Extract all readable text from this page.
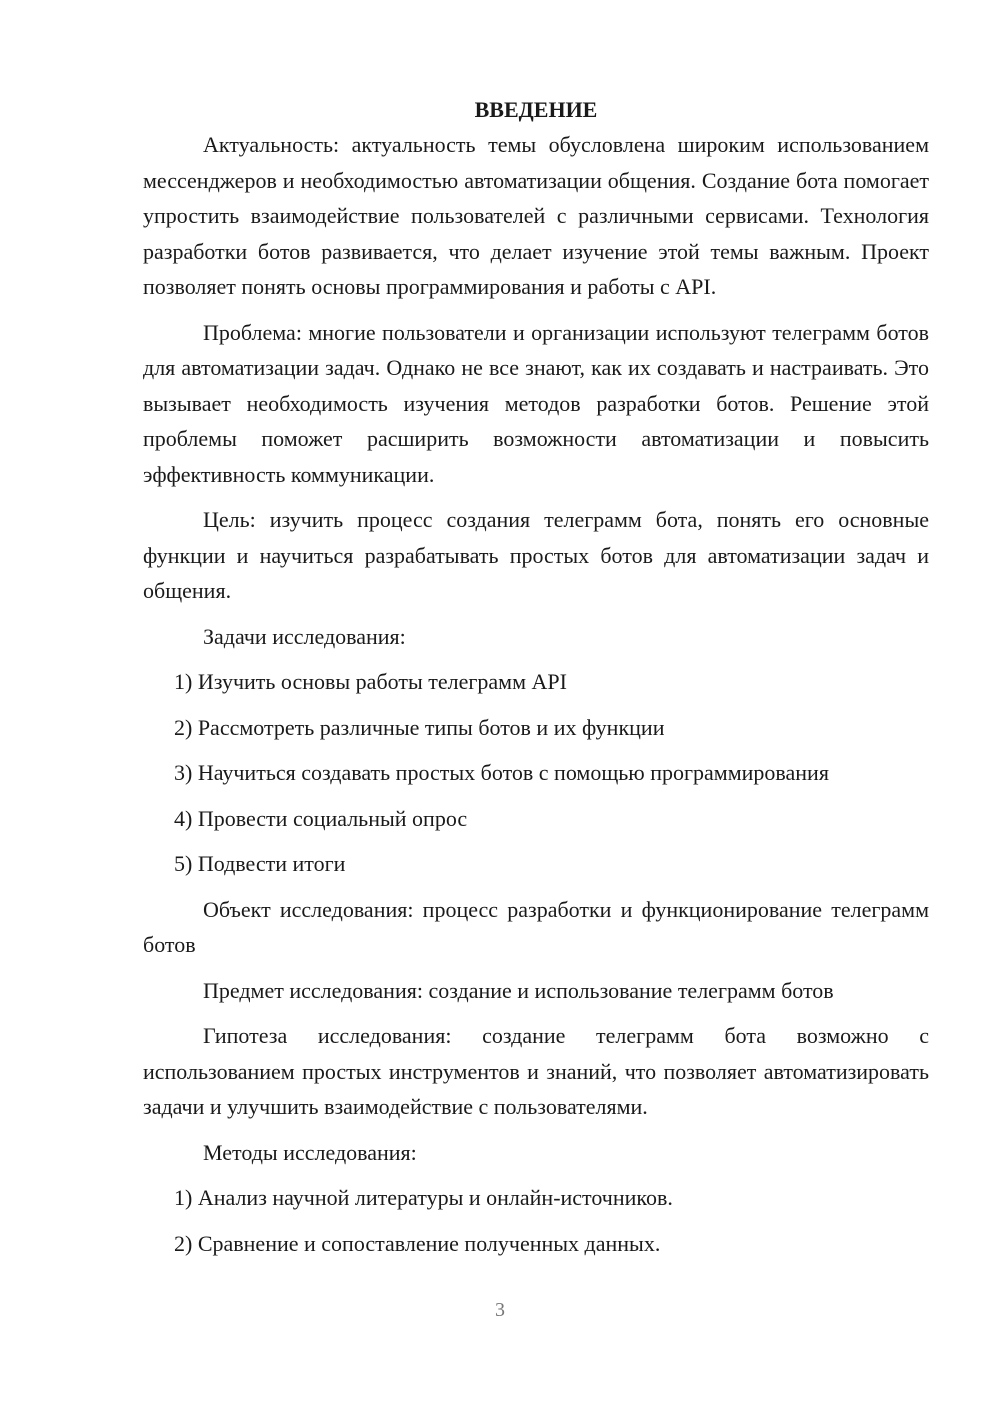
ВВЕДЕНИЕ

Актуальность: актуальность темы обусловлена широким использованием мессенджеров и необходимостью автоматизации общения. Создание бота помогает упростить взаимодействие пользователей с различными сервисами. Технология разработки ботов развивается, что делает изучение этой темы важным. Проект позволяет понять основы программирования и работы с API.

Проблема: многие пользователи и организации используют телеграмм ботов для автоматизации задач. Однако не все знают, как их создавать и настраивать. Это вызывает необходимость изучения методов разработки ботов. Решение этой проблемы поможет расширить возможности автоматизации и повысить эффективность коммуникации.

Цель: изучить процесс создания телеграмм бота, понять его основные функции и научиться разрабатывать простых ботов для автоматизации задач и общения.

Задачи исследования:

1) Изучить основы работы телеграмм API
2) Рассмотреть различные типы ботов и их функции
3) Научиться создавать простых ботов с помощью программирования
4) Провести социальный опрос
5) Подвести итоги

Объект исследования: процесс разработки и функционирование телеграмм ботов

Предмет исследования: создание и использование телеграмм ботов

Гипотеза исследования: создание телеграмм бота возможно с использованием простых инструментов и знаний, что позволяет автоматизировать задачи и улучшить взаимодействие с пользователями.

Методы исследования:

1) Анализ научной литературы и онлайн-источников.
2) Сравнение и сопоставление полученных данных.
3
